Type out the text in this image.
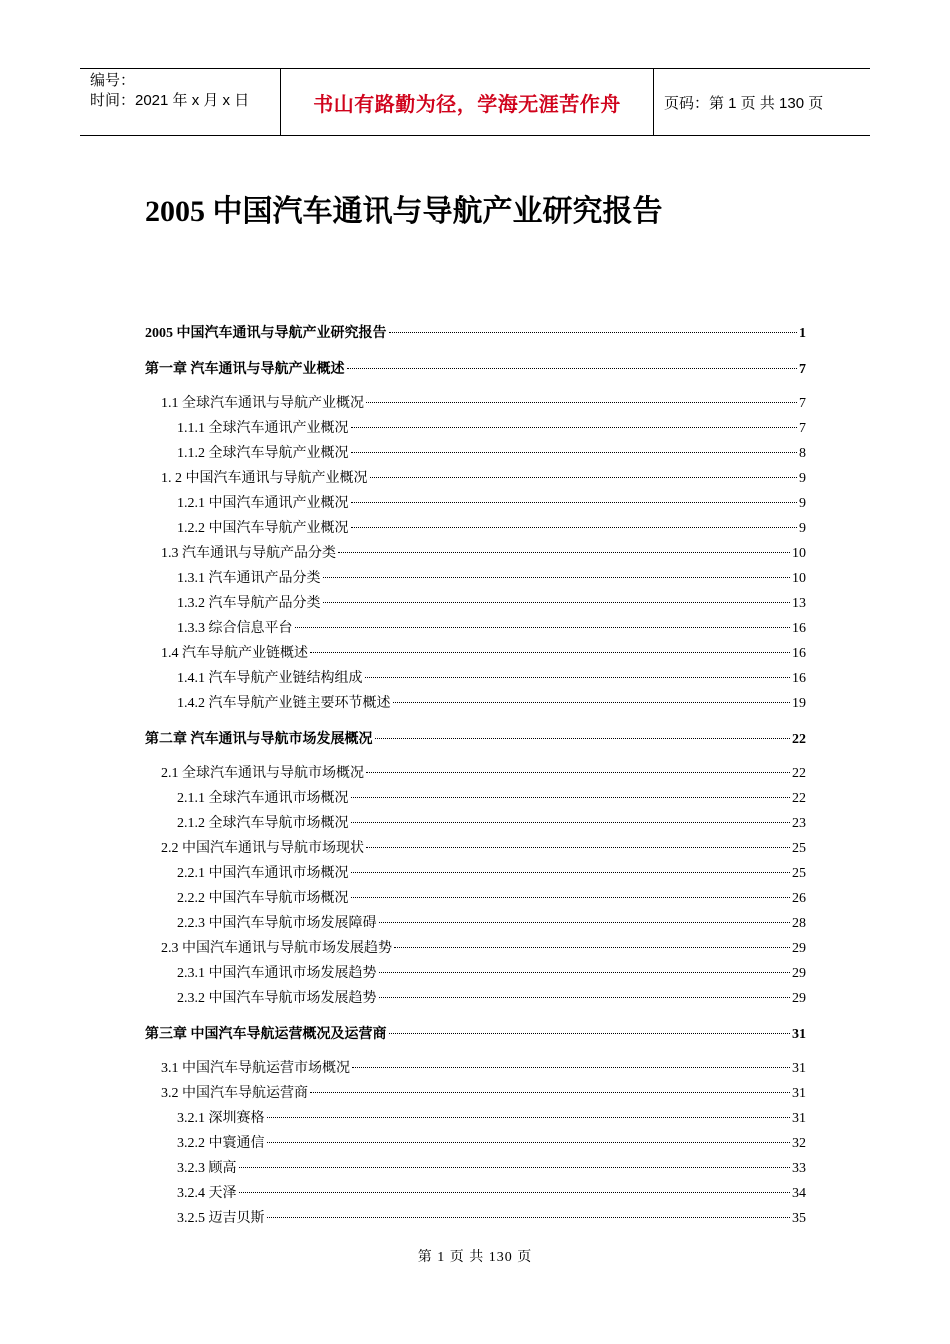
编号：
时间：2021 年 x 月 x 日	书山有路勤为径，学海无涯苦作舟	页码：第 1 页 共 130 页
2005 中国汽车通讯与导航产业研究报告
2005 中国汽车通讯与导航产业研究报告	1
第一章 汽车通讯与导航产业概述	7
1.1 全球汽车通讯与导航产业概况	7
1.1.1 全球汽车通讯产业概况	7
1.1.2 全球汽车导航产业概况	8
1. 2 中国汽车通讯与导航产业概况	9
1.2.1 中国汽车通讯产业概况	9
1.2.2 中国汽车导航产业概况	9
1.3 汽车通讯与导航产品分类	10
1.3.1 汽车通讯产品分类	10
1.3.2 汽车导航产品分类	13
1.3.3 综合信息平台	16
1.4 汽车导航产业链概述	16
1.4.1 汽车导航产业链结构组成	16
1.4.2 汽车导航产业链主要环节概述	19
第二章 汽车通讯与导航市场发展概况	22
2.1 全球汽车通讯与导航市场概况	22
2.1.1 全球汽车通讯市场概况	22
2.1.2 全球汽车导航市场概况	23
2.2 中国汽车通讯与导航市场现状	25
2.2.1 中国汽车通讯市场概况	25
2.2.2 中国汽车导航市场概况	26
2.2.3 中国汽车导航市场发展障碍	28
2.3 中国汽车通讯与导航市场发展趋势	29
2.3.1 中国汽车通讯市场发展趋势	29
2.3.2 中国汽车导航市场发展趋势	29
第三章 中国汽车导航运营概况及运营商	31
3.1 中国汽车导航运营市场概况	31
3.2 中国汽车导航运营商	31
3.2.1 深圳赛格	31
3.2.2 中寰通信	32
3.2.3 顾高	33
3.2.4 天泽	34
3.2.5 迈吉贝斯	35
第 1 页 共 130 页
